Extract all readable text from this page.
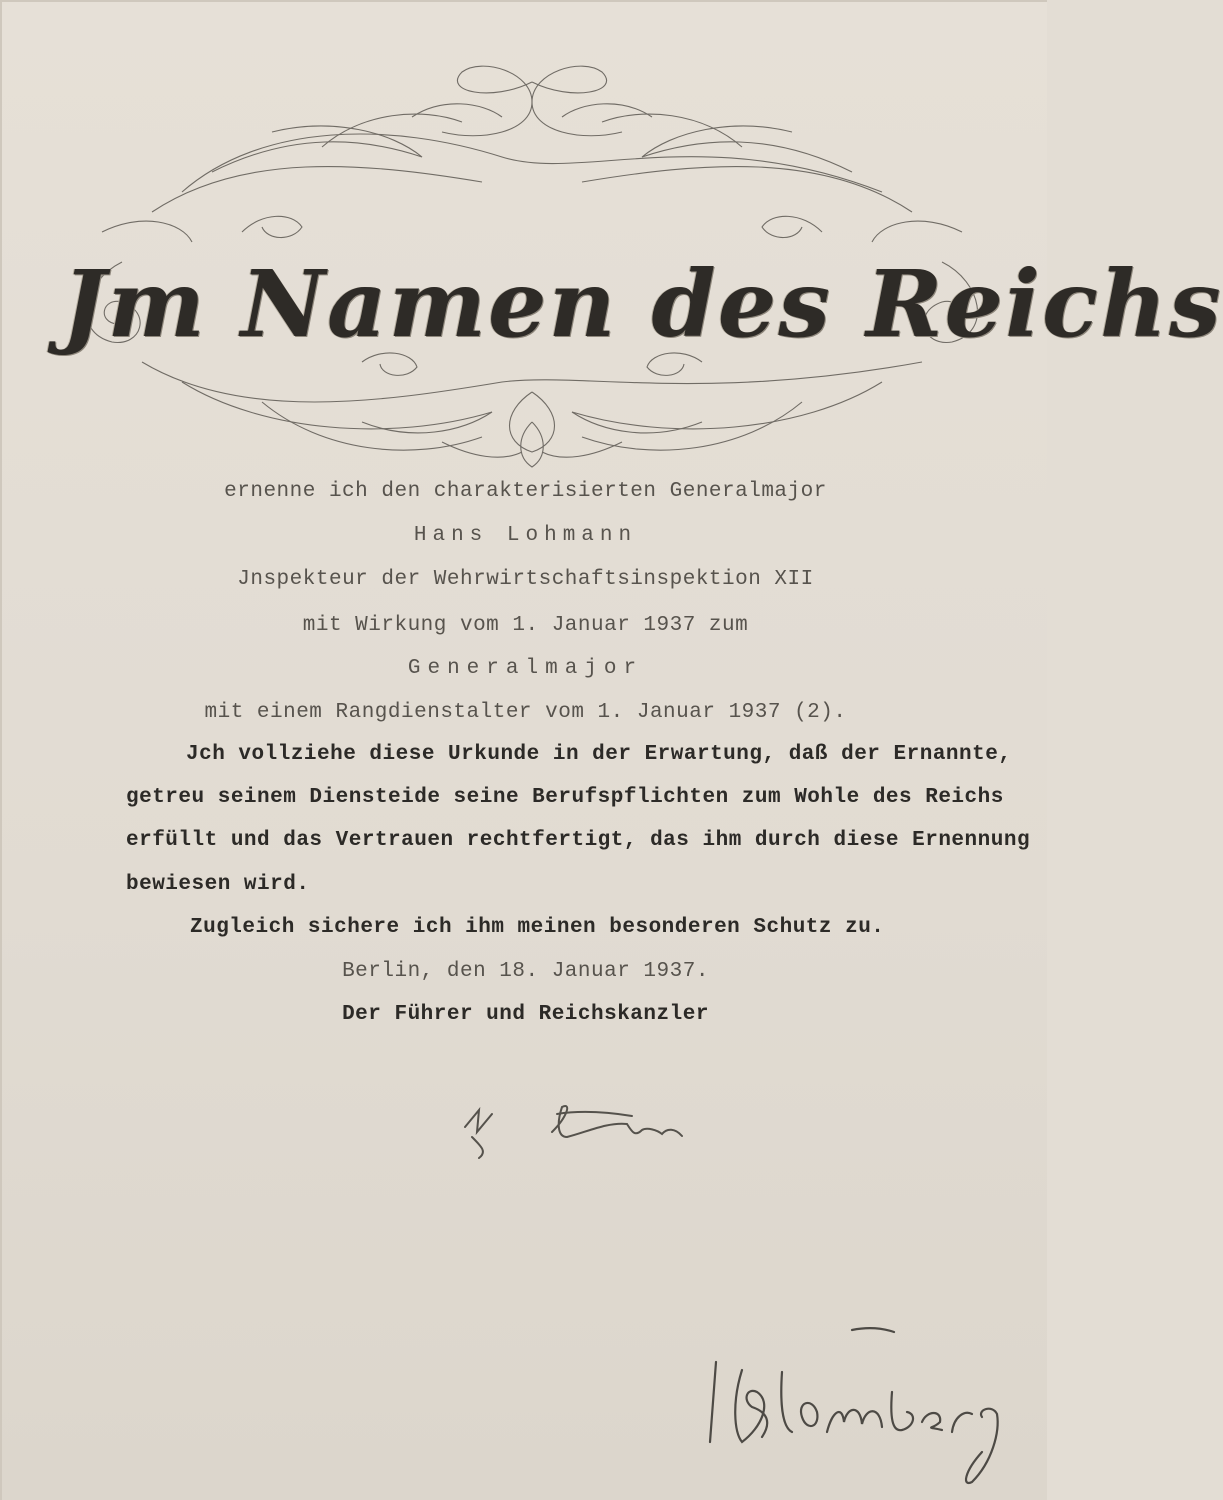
Jm Namen des Reichs
ernenne ich den charakterisierten Generalmajor
Hans Lohmann
Jnspekteur der Wehrwirtschaftsinspektion XII
mit Wirkung vom 1. Januar 1937 zum
Generalmajor
mit einem Rangdienstalter vom 1. Januar 1937 (2).
Jch vollziehe diese Urkunde in der Erwartung, daß der Ernannte,
getreu seinem Diensteide seine Berufspflichten zum Wohle des Reichs
erfüllt und das Vertrauen rechtfertigt, das ihm durch diese Ernennung
bewiesen wird.
Zugleich sichere ich ihm meinen besonderen Schutz zu.
Berlin, den 18. Januar 1937.
Der Führer und Reichskanzler
